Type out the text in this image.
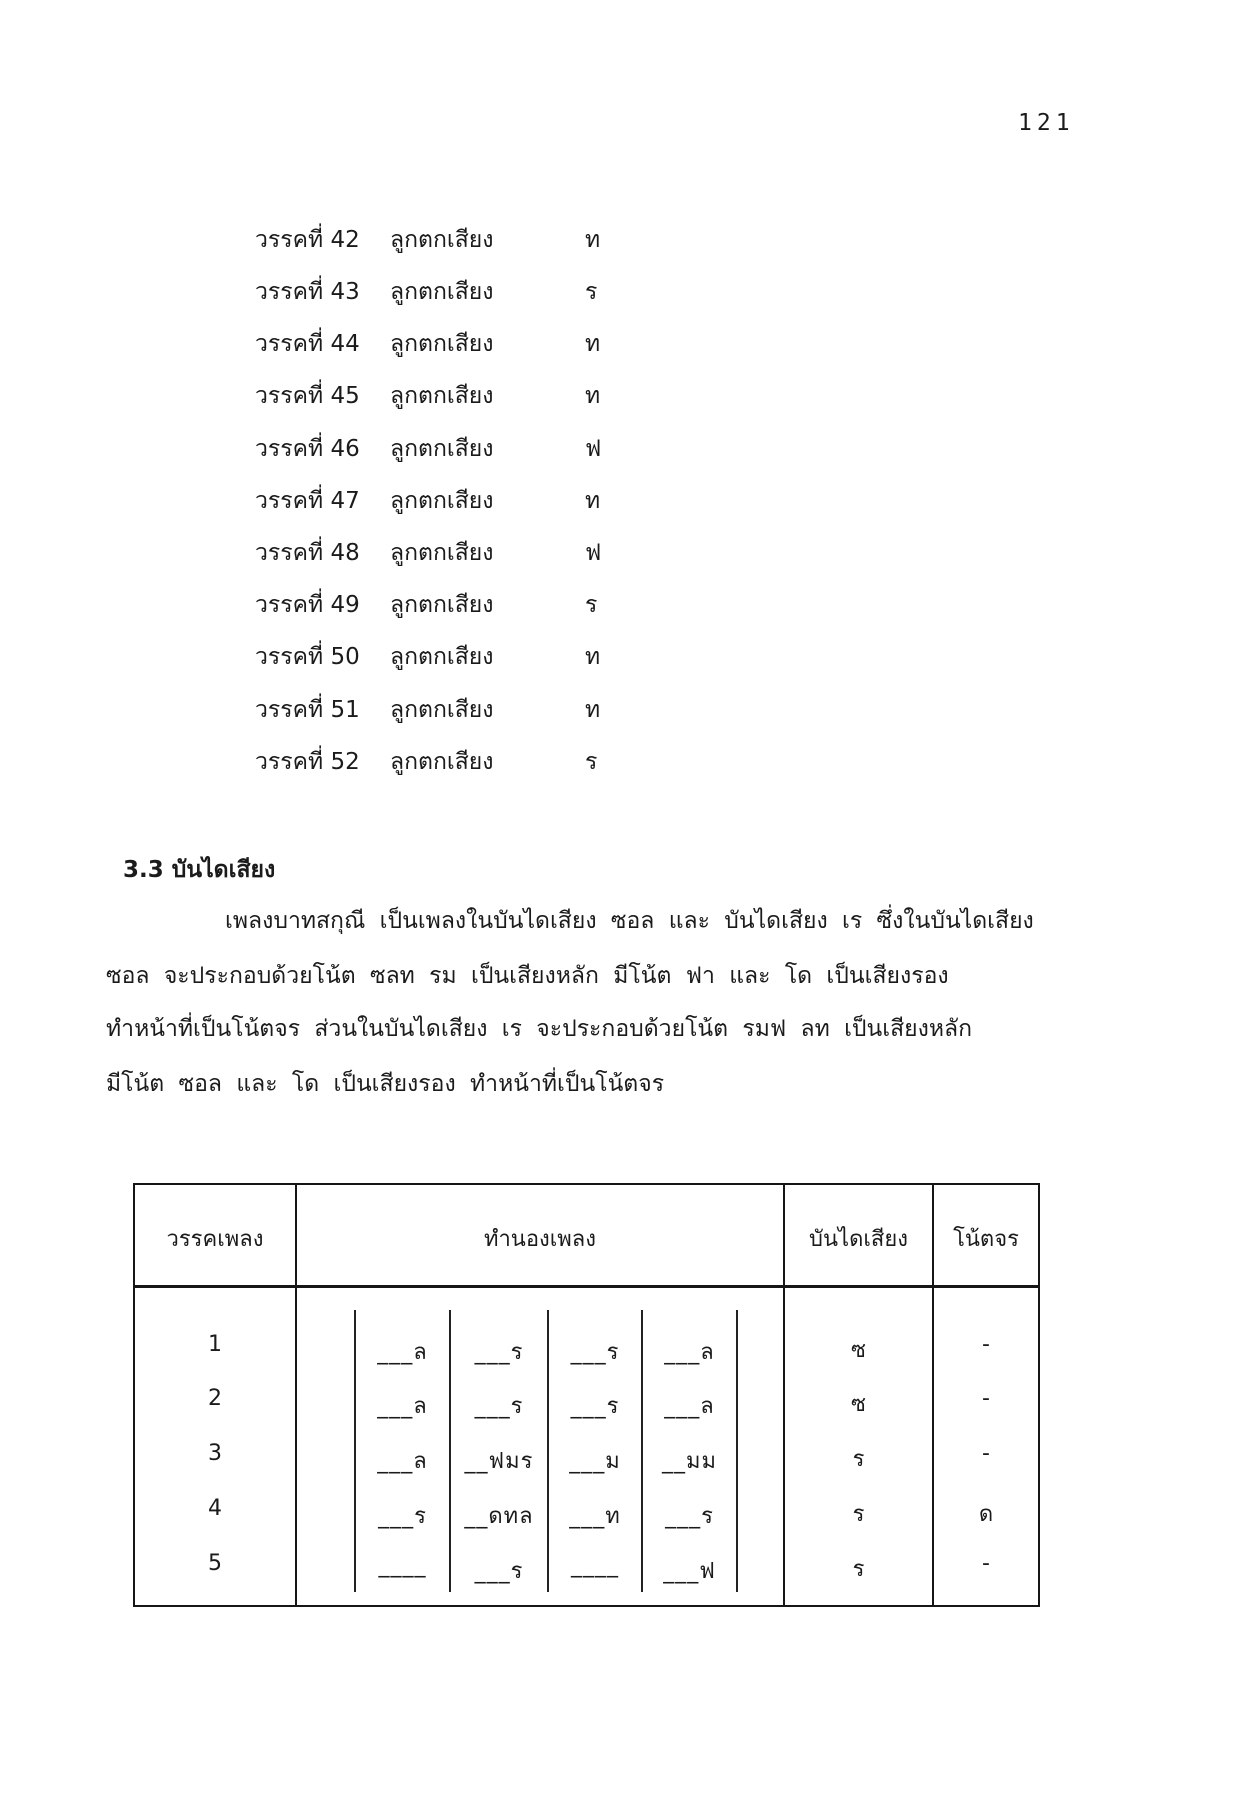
121
วรรคที่ 42 ลูกตกเสียง	ท
วรรคที่ 43 ลูกตกเสียง	ร
วรรคที่ 44 ลูกตกเสียง	ท
วรรคที่ 45 ลูกตกเสียง	ท
วรรคที่ 46 ลูกตกเสียง	ฟ
วรรคที่ 47 ลูกตกเสียง	ท
วรรคที่ 48 ลูกตกเสียง	ฟ
วรรคที่ 49 ลูกตกเสียง	ร
วรรคที่ 50 ลูกตกเสียง	ท
วรรคที่ 51 ลูกตกเสียง	ท
วรรคที่ 52 ลูกตกเสียง	ร
3.3 บันไดเสียง
เพลงบาทสกุณี เป็นเพลงในบันไดเสียง ซอล และ บันไดเสียง เร ซึ่งในบันไดเสียง
ซอล จะประกอบด้วยโน้ต ซลท รม เป็นเสียงหลัก มีโน้ต ฟา และ โด เป็นเสียงรอง
ทำหน้าที่เป็นโน้ตจร ส่วนในบันไดเสียง เร จะประกอบด้วยโน้ต รมฟ ลท เป็นเสียงหลัก
มีโน้ต ซอล และ โด เป็นเสียงรอง ทำหน้าที่เป็นโน้ตจร
วรรคเพลง	ทำนองเพลง	บันไดเสียง	โน้ตจร
1	___ล	___ร	___ร	___ล	ซ	-
2	___ล	___ร	___ร	___ล	ซ	-
3	___ล	__ฟมร	___ม	__มม	ร	-
4	___ร	__ดทล	___ท	___ร	ร	ด
5	____	___ร	____	___ฟ	ร	-
